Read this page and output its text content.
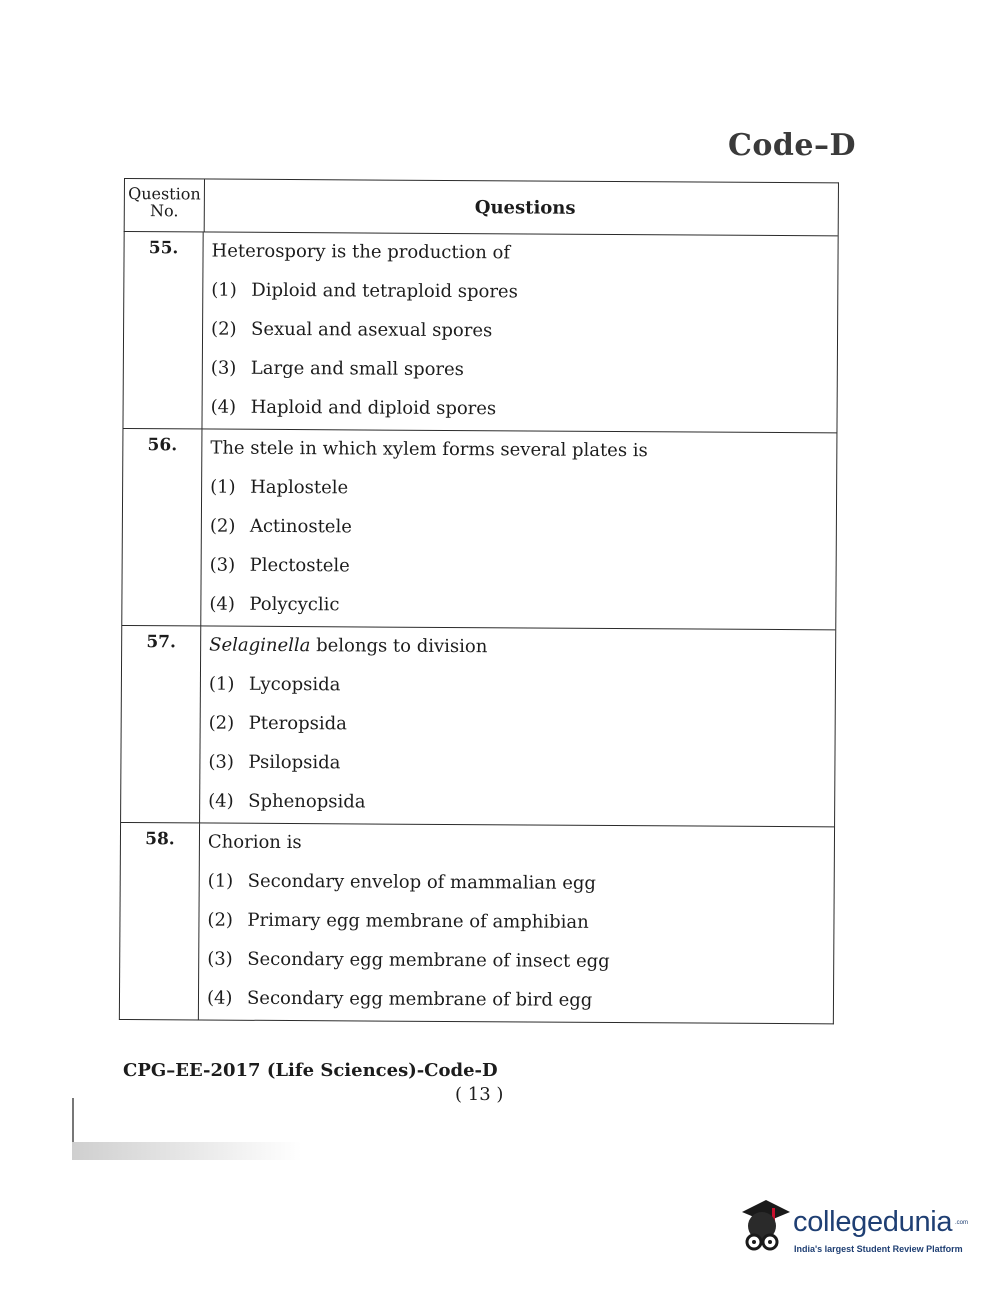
Code–D
Question
No.	Questions
55.	Heterospory is the production of
(1) Diploid and tetraploid spores
(2) Sexual and asexual spores
(3) Large and small spores
(4) Haploid and diploid spores
56.	The stele in which xylem forms several plates is
(1) Haplostele
(2) Actinostele
(3) Plectostele
(4) Polycyclic
57.	Selaginella belongs to division
(1) Lycopsida
(2) Pteropsida
(3) Psilopsida
(4) Sphenopsida
58.	Chorion is
(1) Secondary envelop of mammalian egg
(2) Primary egg membrane of amphibian
(3) Secondary egg membrane of insect egg
(4) Secondary egg membrane of bird egg
CPG–EE-2017 (Life Sciences)-Code-D
( 13 )
collegedunia .com
India's largest Student Review Platform
